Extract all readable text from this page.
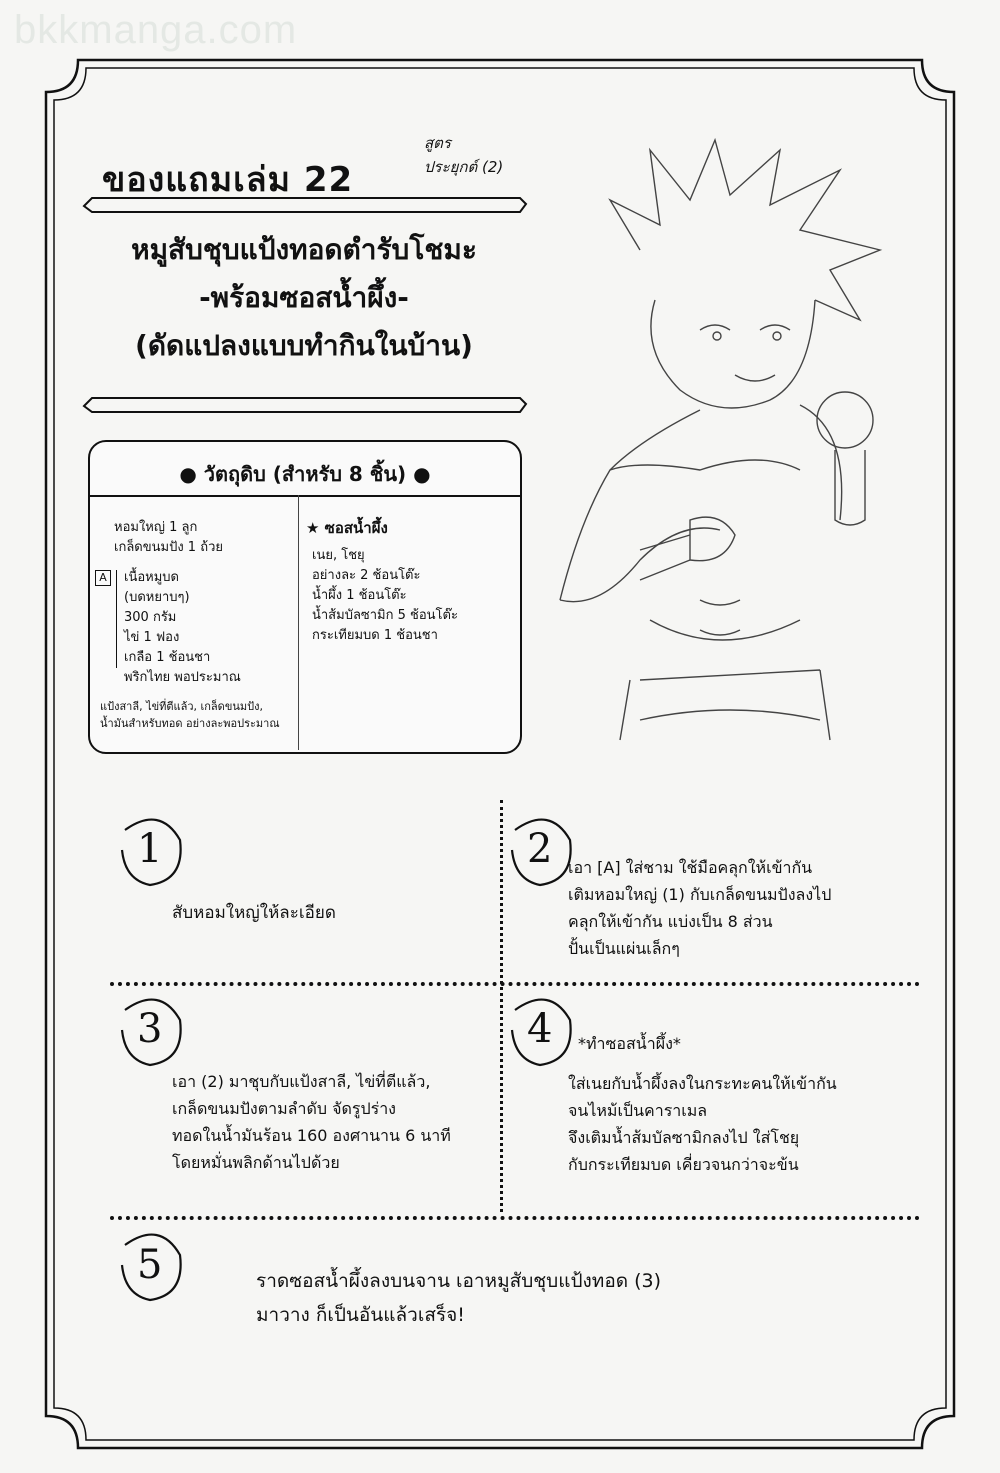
bkkmanga.com
ของแถมเล่ม 22
สูตร
ประยุกต์ (2)
หมูสับชุบแป้งทอดตำรับโชมะ
-พร้อมซอสน้ำผึ้ง-
(ดัดแปลงแบบทำกินในบ้าน)
● วัตถุดิบ (สำหรับ 8 ชิ้น) ●
หอมใหญ่ 1 ลูก
เกล็ดขนมปัง 1 ถ้วย
A	เนื้อหมูบด
(บดหยาบๆ)
300 กรัม
ไข่ 1 ฟอง
เกลือ 1 ช้อนชา
พริกไทย พอประมาณ
แป้งสาลี, ไข่ที่ตีแล้ว, เกล็ดขนมปัง,
น้ำมันสำหรับทอด อย่างละพอประมาณ
★ ซอสน้ำผึ้ง
เนย, โชยุ
อย่างละ 2 ช้อนโต๊ะ
น้ำผึ้ง 1 ช้อนโต๊ะ
น้ำส้มบัลซามิก 5 ช้อนโต๊ะ
กระเทียมบด 1 ช้อนชา
1
สับหอมใหญ่ให้ละเอียด
2 เอา [A] ใส่ชาม ใช้มือคลุกให้เข้ากัน
เติมหอมใหญ่ (1) กับเกล็ดขนมปังลงไป
คลุกให้เข้ากัน แบ่งเป็น 8 ส่วน
ปั้นเป็นแผ่นเล็กๆ
3
เอา (2) มาชุบกับแป้งสาลี, ไข่ที่ตีแล้ว,
เกล็ดขนมปังตามลำดับ จัดรูปร่าง
ทอดในน้ำมันร้อน 160 องศานาน 6 นาที
โดยหมั่นพลิกด้านไปด้วย
4 *ทำซอสน้ำผึ้ง*
ใส่เนยกับน้ำผึ้งลงในกระทะคนให้เข้ากัน
จนไหม้เป็นคาราเมล
จึงเติมน้ำส้มบัลซามิกลงไป ใส่โชยุ
กับกระเทียมบด เคี่ยวจนกว่าจะข้น
5	ราดซอสน้ำผึ้งลงบนจาน เอาหมูสับชุบแป้งทอด (3)
มาวาง ก็เป็นอันแล้วเสร็จ!
